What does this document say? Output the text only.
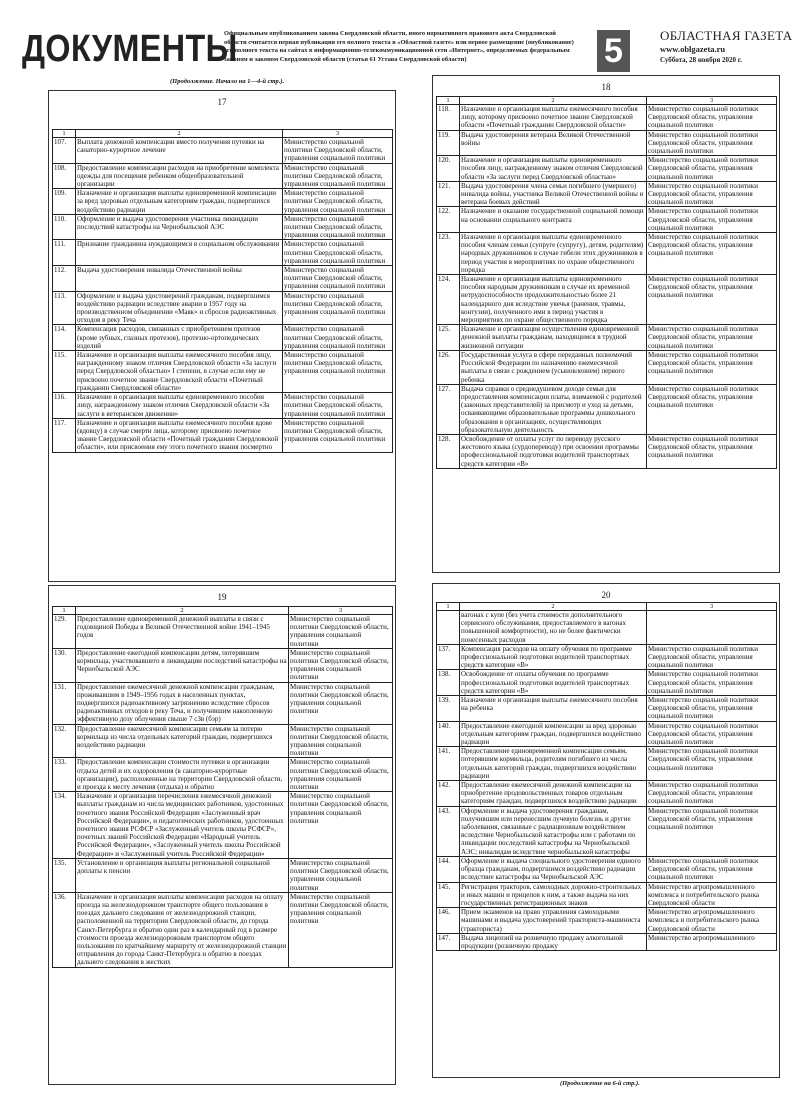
ДОКУМЕНТЫ
Официальным опубликованием закона Свердловской области, иного нормативного правового акта Свердловской области считается первая публикация его полного текста в «Областной газете» или первое размещение (опубликование) его полного текста на сайтах в информационно-телекоммуникационной сети «Интернет», определяемых федеральным законом и законом Свердловской области (статья 61 Устава Свердловской области)	5	ОБЛАСТНАЯ ГАЗЕТА
www.oblgazeta.ru
Суббота, 28 ноября 2020 г.
(Продолжение. Начало на 1—4-й стр.).
17
1	2	3
107.	Выплата денежной компенсации вместо получения путевки на санаторно-курортное лечение	Министерство социальной политики Свердловской области, управления социальной политики
108.	Предоставление компенсации расходов на приобретение комплекта одежды для посещения ребенком общеобразовательной организации	Министерство социальной политики Свердловской области, управления социальной политики
109.	Назначение и организация выплаты единовременной компенсации за вред здоровью отдельным категориям граждан, подвергшихся воздействию радиации	Министерство социальной политики Свердловской области, управления социальной политики
110.	Оформление и выдача удостоверения участника ликвидации последствий катастрофы на Чернобыльской АЭС	Министерство социальной политики Свердловской области, управления социальной политики
111.	Признание гражданина нуждающимся в социальном обслуживании	Министерство социальной политики Свердловской области, управления социальной политики
112.	Выдача удостоверения инвалида Отечественной войны	Министерство социальной политики Свердловской области, управления социальной политики
113.	Оформление и выдача удостоверений гражданам, подвергшимся воздействию радиации вследствие аварии в 1957 году на производственном объединении «Маяк» и сбросов радиоактивных отходов в реку Теча	Министерство социальной политики Свердловской области, управления социальной политики
114.	Компенсация расходов, связанных с приобретением протезов (кроме зубных, глазных протезов), протезно-ортопедических изделий	Министерство социальной политики Свердловской области, управления социальной политики
115.	Назначение и организация выплаты ежемесячного пособия лицу, награжденному знаком отличия Свердловской области «За заслуги перед Свердловской областью» I степени, в случае если ему не присвоено почетное звание Свердловской области «Почетный гражданин Свердловской области»	Министерство социальной политики Свердловской области, управления социальной политики
116.	Назначение и организация выплаты единовременного пособия лицу, награжденному знаком отличия Свердловской области «За заслуги в ветеранском движении»	Министерство социальной политики Свердловской области, управления социальной политики
117.	Назначение и организация выплаты ежемесячного пособия вдове (вдовцу) в случае смерти лица, которому присвоено почетное звание Свердловской области «Почетный гражданин Свердловской области», или присвоения ему этого почетного звания посмертно	Министерство социальной политики Свердловской области, управления социальной политики
18
1	2	3
118.	Назначение и организация выплаты ежемесячного пособия лицу, которому присвоено почетное звание Свердловской области «Почетный гражданин Свердловской области»	Министерство социальной политики Свердловской области, управления социальной политики
119.	Выдача удостоверения ветерана Великой Отечественной войны	Министерство социальной политики Свердловской области, управления социальной политики
120.	Назначение и организация выплаты единовременного пособия лицу, награжденному знаком отличия Свердловской области «За заслуги перед Свердловской областью»	Министерство социальной политики Свердловской области, управления социальной политики
121.	Выдача удостоверения члена семьи погибшего (умершего) инвалида войны, участника Великой Отечественной войны и ветерана боевых действий	Министерство социальной политики Свердловской области, управления социальной политики
122.	Назначение и оказание государственной социальной помощи на основании социального контракта	Министерство социальной политики Свердловской области, управления социальной политики
123.	Назначение и организация выплаты единовременного пособия членам семьи (супруге (супругу), детям, родителям) народных дружинников в случае гибели этих дружинников в период участия в мероприятиях по охране общественного порядка	Министерство социальной политики Свердловской области, управления социальной политики
124.	Назначение и организация выплаты единовременного пособия народным дружинникам в случае их временной нетрудоспособности продолжительностью более 21 календарного дня вследствие увечья (ранения, травмы, контузии), полученного ими в период участия в мероприятиях по охране общественного порядка	Министерство социальной политики Свердловской области, управления социальной политики
125.	Назначение и организация осуществления единовременной денежной выплаты гражданам, находящимся в трудной жизненной ситуации	Министерство социальной политики Свердловской области, управления социальной политики
126.	Государственная услуга в сфере переданных полномочий Российской Федерации по назначению ежемесячной выплаты в связи с рождением (усыновлением) первого ребенка	Министерство социальной политики Свердловской области, управления социальной политики
127.	Выдача справки о среднедушевом доходе семьи для предоставления компенсации платы, взимаемой с родителей (законных представителей) за присмотр и уход за детьми, осваивающими образовательные программы дошкольного образования в организациях, осуществляющих образовательную деятельность	Министерство социальной политики Свердловской области, управления социальной политики
128.	Освобождение от оплаты услуг по переводу русского жестового языка (сурдопереводу) при освоении программы профессиональной подготовки водителей транспортных средств категории «В»	Министерство социальной политики Свердловской области, управления социальной политики
19
1	2	3
129.	Предоставление единовременной денежной выплаты в связи с годовщиной Победы в Великой Отечественной войне 1941–1945 годов	Министерство социальной политики Свердловской области, управления социальной политики
130.	Предоставление ежегодной компенсации детям, потерявшим кормильца, участвовавшего в ликвидации последствий катастрофы на Чернобыльской АЭС	Министерство социальной политики Свердловской области, управления социальной политики
131.	Предоставление ежемесячной денежной компенсации гражданам, проживавшим в 1949–1956 годах в населенных пунктах, подвергшихся радиоактивному загрязнению вследствие сбросов радиоактивных отходов в реку Теча, и получившим накопленную эффективную дозу облучения свыше 7 сЗв (бэр)	Министерство социальной политики Свердловской области, управления социальной политики
132.	Предоставление ежемесячной компенсации семьям за потерю кормильца из числа отдельных категорий граждан, подвергшихся воздействию радиации	Министерство социальной политики Свердловской области, управления социальной политики
133.	Предоставление компенсации стоимости путевки в организации отдыха детей и их оздоровления (в санаторно-курортные организации), расположенные на территории Свердловской области, и проезда к месту лечения (отдыха) и обратно	Министерство социальной политики Свердловской области, управления социальной политики
134.	Назначение и организация перечисления ежемесячной денежной выплаты гражданам из числа медицинских работников, удостоенных почетного звания Российской Федерации «Заслуженный врач Российской Федерации», и педагогических работников, удостоенных почетного звания РСФСР «Заслуженный учитель школы РСФСР», почетных званий Российской Федерации «Народный учитель Российской Федерации», «Заслуженный учитель школы Российской Федерации» и «Заслуженный учитель Российской Федерации»	Министерство социальной политики Свердловской области, управления социальной политики
135.	Установление и организация выплаты региональной социальной доплаты к пенсии	Министерство социальной политики Свердловской области, управления социальной политики
136.	Назначение и организация выплаты компенсации расходов на оплату проезда на железнодорожном транспорте общего пользования в поездах дальнего следования от железнодорожной станции, расположенной на территории Свердловской области, до города Санкт-Петербурга и обратно один раз в календарный год в размере стоимости проезда железнодорожным транспортом общего пользования по кратчайшему маршруту от железнодорожной станции отправления до города Санкт-Петербурга и обратно в поездах дальнего следования в жестких	Министерство социальной политики Свердловской области, управления социальной политики
20
1	2	3
	вагонах с купе (без учета стоимости дополнительного сервисного обслуживания, предоставляемого в вагонах повышенной комфортности), но не более фактически понесенных расходов	
137.	Компенсация расходов на оплату обучения по программе профессиональной подготовки водителей транспортных средств категории «В»	Министерство социальной политики Свердловской области, управления социальной политики
138.	Освобождение от оплаты обучения по программе профессиональной подготовки водителей транспортных средств категории «В»	Министерство социальной политики Свердловской области, управления социальной политики
139.	Назначение и организация выплаты ежемесячного пособия на ребенка	Министерство социальной политики Свердловской области, управления социальной политики
140.	Предоставление ежегодной компенсации за вред здоровью отдельным категориям граждан, подвергшихся воздействию радиации	Министерство социальной политики Свердловской области, управления социальной политики
141.	Предоставление единовременной компенсации семьям, потерявшим кормильца, родителям погибшего из числа отдельных категорий граждан, подвергшихся воздействию радиации	Министерство социальной политики Свердловской области, управления социальной политики
142.	Предоставление ежемесячной денежной компенсации на приобретение продовольственных товаров отдельным категориям граждан, подвергшихся воздействию радиации	Министерство социальной политики Свердловской области, управления социальной политики
143.	Оформление и выдача удостоверения гражданам, получившим или перенесшим лучевую болезнь и другие заболевания, связанные с радиационным воздействием вследствие Чернобыльской катастрофы или с работами по ликвидации последствий катастрофы на Чернобыльской АЭС; инвалидам вследствие чернобыльской катастрофы	Министерство социальной политики Свердловской области, управления социальной политики
144.	Оформление и выдача специального удостоверения единого образца гражданам, подвергшимся воздействию радиации вследствие катастрофы на Чернобыльской АЭС	Министерство социальной политики Свердловской области, управления социальной политики
145.	Регистрация тракторов, самоходных дорожно-строительных и иных машин и прицепов к ним, а также выдача на них государственных регистрационных знаков	Министерство агропромышленного комплекса и потребительского рынка Свердловской области
146.	Прием экзаменов на право управления самоходными машинами и выдача удостоверений тракториста-машиниста (тракториста)	Министерство агропромышленного комплекса и потребительского рынка Свердловской области
147.	Выдача лицензий на розничную продажу алкогольной продукции (розничную продажу	Министерство агропромышленного
(Продолжение на 6-й стр.).
